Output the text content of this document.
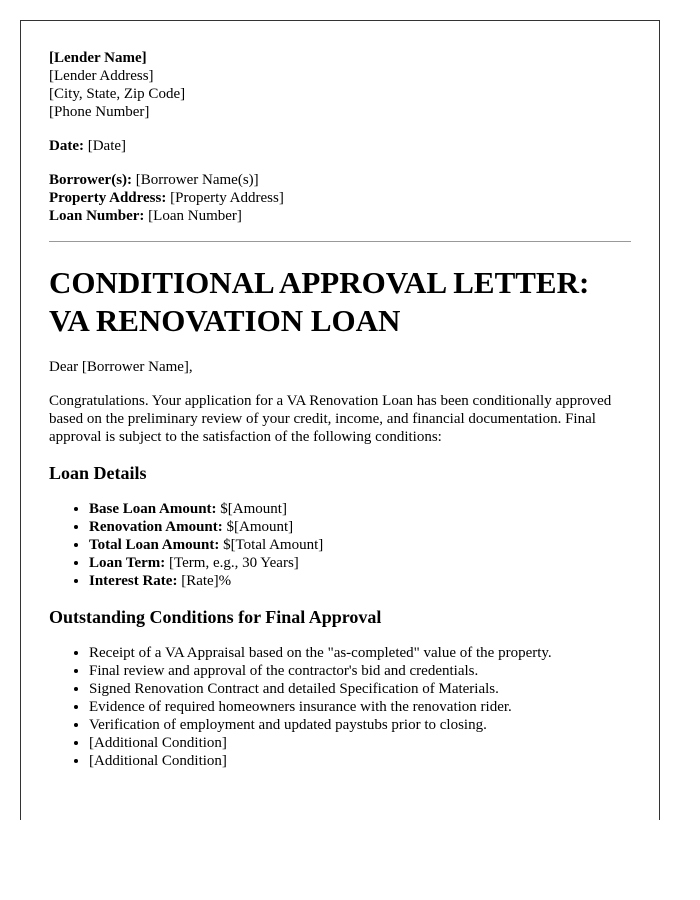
[Lender Name]
[Lender Address]
[City, State, Zip Code]
[Phone Number]
Date: [Date]
Borrower(s): [Borrower Name(s)]
Property Address: [Property Address]
Loan Number: [Loan Number]
CONDITIONAL APPROVAL LETTER:
VA RENOVATION LOAN

Dear [Borrower Name],

Congratulations. Your application for a VA Renovation Loan has been conditionally approved based on the preliminary review of your credit, income, and financial documentation. Final approval is subject to the satisfaction of the following conditions:

Loan Details
• Base Loan Amount: $[Amount]
• Renovation Amount: $[Amount]
• Total Loan Amount: $[Total Amount]
• Loan Term: [Term, e.g., 30 Years]
• Interest Rate: [Rate]%
Outstanding Conditions for Final Approval
• Receipt of a VA Appraisal based on the "as-completed" value of the property.
• Final review and approval of the contractor's bid and credentials.
• Signed Renovation Contract and detailed Specification of Materials.
• Evidence of required homeowners insurance with the renovation rider.
• Verification of employment and updated paystubs prior to closing.
• [Additional Condition]
• [Additional Condition]
